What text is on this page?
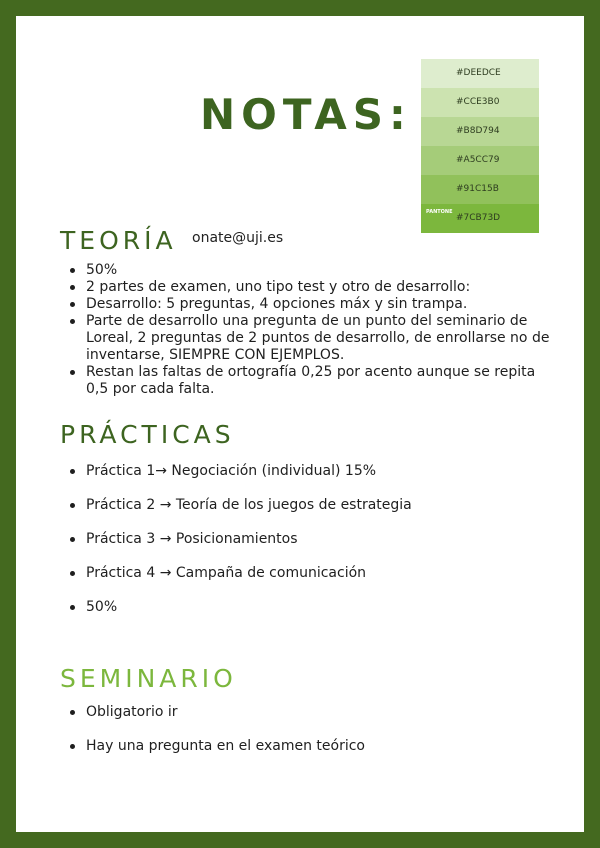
NOTAS:
#DEEDCE
#CCE3B0
#B8D794
#A5CC79
#91C15B
PANTONE
#7CB73D
TEORÍA onate@uji.es
50%
2 partes de examen, uno tipo test y otro de desarrollo:
Desarrollo: 5 preguntas, 4 opciones máx y sin trampa.
Parte de desarrollo una pregunta de un punto del seminario de Loreal, 2 preguntas de 2 puntos de desarrollo, de enrollarse no de inventarse, SIEMPRE CON EJEMPLOS.
Restan las faltas de ortografía 0,25 por acento aunque se repita 0,5 por cada falta.
PRÁCTICAS
Práctica 1→ Negociación (individual) 15%
Práctica 2 → Teoría de los juegos de estrategia
Práctica 3 → Posicionamientos
Práctica 4 → Campaña de comunicación
50%
SEMINARIO
Obligatorio ir
Hay una pregunta en el examen teórico
